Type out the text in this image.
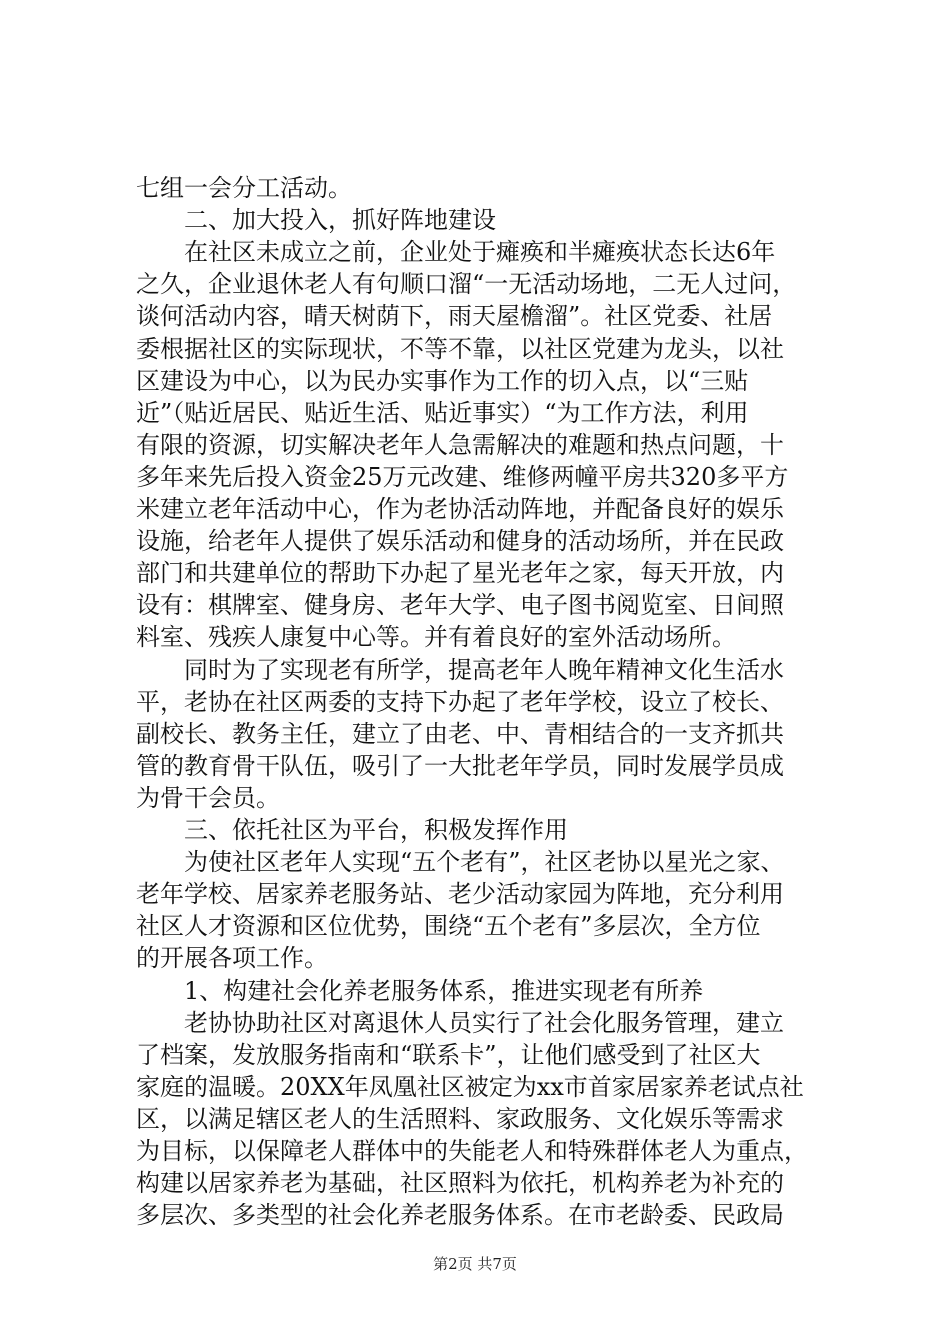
七组一会分工活动。
　　二、加大投入，抓好阵地建设
　　在社区未成立之前，企业处于瘫痪和半瘫痪状态长达6年
之久，企业退休老人有句顺口溜“一无活动场地，二无人过问，
谈何活动内容，晴天树荫下，雨天屋檐溜”。社区党委、社居
委根据社区的实际现状，不等不靠，以社区党建为龙头，以社
区建设为中心，以为民办实事作为工作的切入点，以“三贴
近”（贴近居民、贴近生活、贴近事实）“为工作方法，利用
有限的资源，切实解决老年人急需解决的难题和热点问题，十
多年来先后投入资金25万元改建、维修两幢平房共320多平方
米建立老年活动中心，作为老协活动阵地，并配备良好的娱乐
设施，给老年人提供了娱乐活动和健身的活动场所，并在民政
部门和共建单位的帮助下办起了星光老年之家，每天开放，内
设有：棋牌室、健身房、老年大学、电子图书阅览室、日间照
料室、残疾人康复中心等。并有着良好的室外活动场所。
　　同时为了实现老有所学，提高老年人晚年精神文化生活水
平，老协在社区两委的支持下办起了老年学校，设立了校长、
副校长、教务主任，建立了由老、中、青相结合的一支齐抓共
管的教育骨干队伍，吸引了一大批老年学员，同时发展学员成
为骨干会员。
　　三、依托社区为平台，积极发挥作用
　　为使社区老年人实现“五个老有”，社区老协以星光之家、
老年学校、居家养老服务站、老少活动家园为阵地，充分利用
社区人才资源和区位优势，围绕“五个老有”多层次，全方位
的开展各项工作。
　　1、构建社会化养老服务体系，推进实现老有所养
　　老协协助社区对离退休人员实行了社会化服务管理，建立
了档案，发放服务指南和“联系卡”，让他们感受到了社区大
家庭的温暖。20XX年凤凰社区被定为xx市首家居家养老试点社
区，以满足辖区老人的生活照料、家政服务、文化娱乐等需求
为目标，以保障老人群体中的失能老人和特殊群体老人为重点，
构建以居家养老为基础，社区照料为依托，机构养老为补充的
多层次、多类型的社会化养老服务体系。在市老龄委、民政局
第2页 共7页
